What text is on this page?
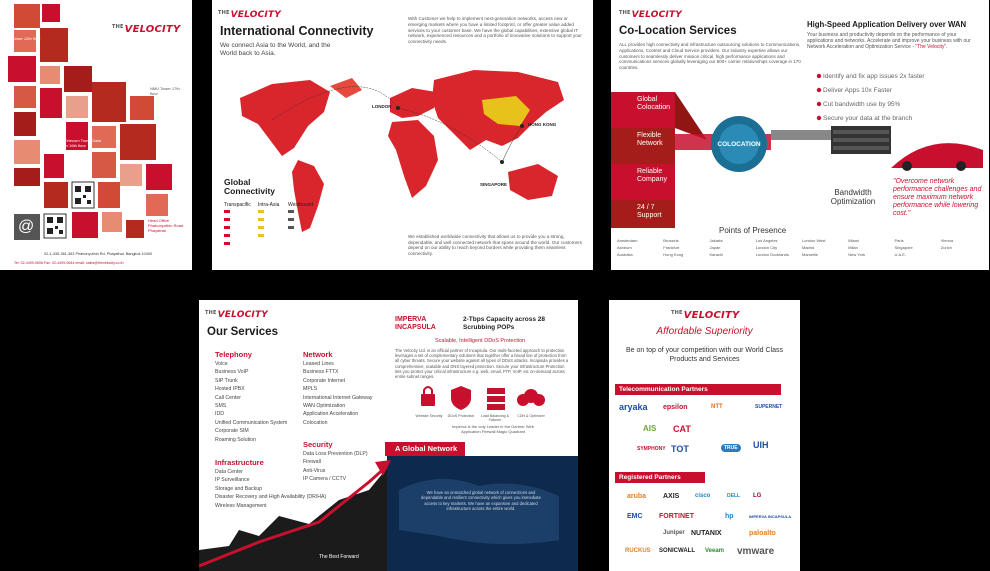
$^{THE}$VELOCITY
NMU Tower 12th floor
NMU Tower 17th floor
CAT Telecom Tower Data Center 16th floor
Head Office Phahonyothin Road Phayathai
@
02-1-335-361-363 Phahonyothin Rd, Phayathai, Bangkok 10400
Tel: 02-4499-0606 Fax: 02-4499-0644 email: sales@thevelocity.co.th
$^{THE}$VELOCITY
International Connectivity
We connect Asia to the World, and the World back to Asia.
With Customer we help to implement next-generation networks, access new or emerging markets where you have a limited footprint, or offer greater value added services to your customer base. We have the global capabilities, extensive global IT network, experienced resources and a portfolio of innovative solutions to support your connectivity needs.
LONDON
SINGAPORE
HONG KONG
Global Connectivity
Transpacific Intra-Asia Westbound
We established worldwide connectivity that allows us to provide you a strong, dependable, and well connected network that spans around the world. Our customers depend on our ability to reach beyond borders while providing them seamless connectivity.
$^{THE}$VELOCITY
Co-Location Services
ALL provides high connectivity and infrastructure outsourcing solutions to Communications, Applications, Content and Cloud Service providers. Our industry expertise allows our customers to seamlessly deliver mission critical, high performance applications and communications services globally leveraging our 500+ carrier relationships coverage in 170 countries.
High-Speed Application Delivery over WAN
Your business and productivity depends on the performance of your applications and networks. Accelerate and improve your business with our Network Acceleration and Optimization Service - "The Velocity".
Identify and fix app issues 2x faster
Deliver Apps 10x Faster
Cut bandwidth use by 95%
Secure your data at the branch
Global Colocation
Flexible Network
Reliable Company
24 / 7 Support
COLOCATION
Bandwidth Optimization
"Overcome network performance challenges and ensure maximum network performance while lowering cost."
Points of Presence
Amsterdam	Brussels	Jakarta	Los Angeles	London West	Miami	Paris	Vienna
Ashburn	Frankfurt	Japan	London City	Madrid	Milan	Singapore	Zurich
Australia	Hong Kong	Karachi	London Docklands	Marseille	New York	U.A.E.
$^{THE}$VELOCITY
Our Services
Telephony
Voice
Business VoIP
SIP Trunk
Hosted IPBX
Call Center
SMS
IDD
Unified Communication System
Corporate SIM
Roaming Solution
Infrastructure
Data Center
IP Surveillance
Storage and Backup
Disaster Recovery and High Availability (DR/HA)
Wireless Management
Network
Leased Lines
Business FTTX
Corporate Internet
MPLS
International Internet Gateway
WAN Optimization
Application Acceleration
Colocation
Security
Data Loss Prevention (DLP)
Firewall
Anti-Virus
IP Camera / CCTV
IMPERVA INCAPSULA
2-Tbps Capacity across 28 Scrubbing POPs
Scalable, Intelligent DDoS Protection
The Velocity Ltd. is an official partner of Incapsula. Our multi-faceted approach to protection leverages a set of complementary solutions that together offer a broad line of protection from all cyber threats. Secure your website against all types of DDoS attacks. Incapsula provides a comprehensive, scalable and DNS layered protection. Secure your Infrastructure Protection lets you protect your critical infrastructure e.g. web, email, FTP, VoIP, etc on-demand across entire subnet ranges.
Website Security	DDoS Protection	Load Balancing & Failover
CDN & Optimizer
Imperva is the only Leader in the Gartner Web Application Firewall Magic Quadrant
A Global Network
We have an unmatched global network of connections and dependable and resilient connectivity which gives you immediate access to key markets. We have an expansive and dedicated infrastructure across the entire world.
The Best Forward
$^{THE}$VELOCITY
Affordable Superiority
Be on top of your competition with our World Class Products and Services
Telecommunication Partners
aryaka epsilon	NTT	SUPERNET
AIS CAT
TOT	TRUE	UIH
SYMPHONY
Registered Partners
aruba AXIS	cisco	DELL LG
EMC FORTINET	hp	IMPERVA INCAPSULA
Juniper NUTANIX	paloalto
RUCKUS SONICWALL Veeam vmware
